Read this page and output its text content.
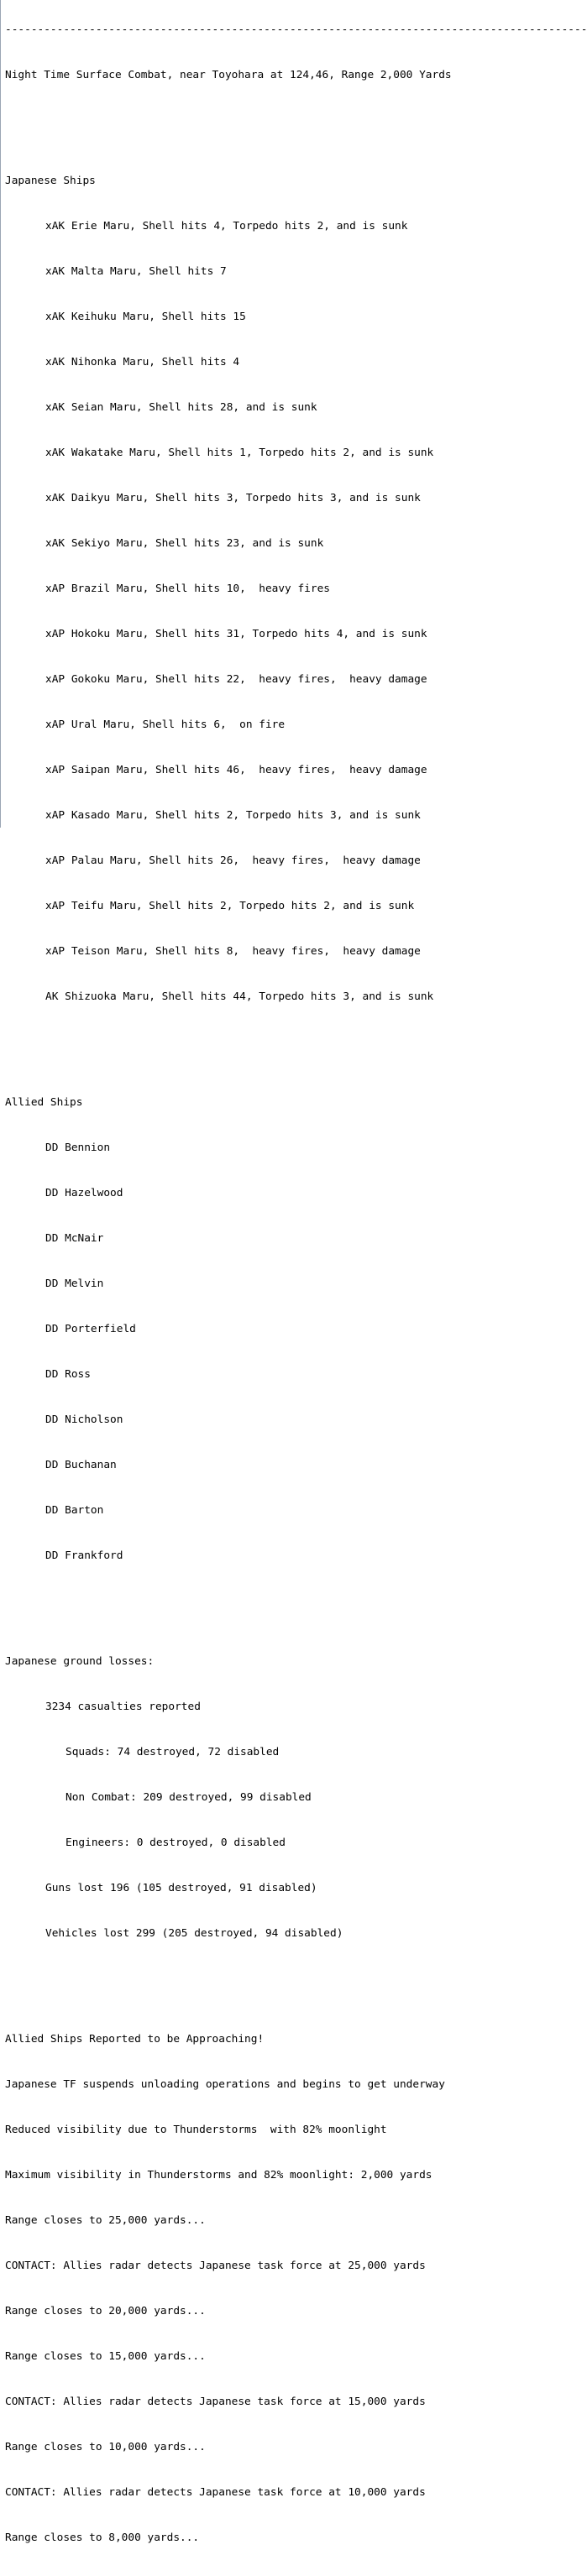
------------------------------------------------------------------------------------------

Night Time Surface Combat, near Toyohara at 124,46, Range 2,000 Yards

Japanese Ships

xAK Erie Maru, Shell hits 4, Torpedo hits 2, and is sunk

xAK Malta Maru, Shell hits 7

xAK Keihuku Maru, Shell hits 15

xAK Nihonka Maru, Shell hits 4

xAK Seian Maru, Shell hits 28, and is sunk

xAK Wakatake Maru, Shell hits 1, Torpedo hits 2, and is sunk

xAK Daikyu Maru, Shell hits 3, Torpedo hits 3, and is sunk

xAK Sekiyo Maru, Shell hits 23, and is sunk

xAP Brazil Maru, Shell hits 10,  heavy fires

xAP Hokoku Maru, Shell hits 31, Torpedo hits 4, and is sunk

xAP Gokoku Maru, Shell hits 22,  heavy fires,  heavy damage

xAP Ural Maru, Shell hits 6,  on fire

xAP Saipan Maru, Shell hits 46,  heavy fires,  heavy damage

xAP Kasado Maru, Shell hits 2, Torpedo hits 3, and is sunk

xAP Palau Maru, Shell hits 26,  heavy fires,  heavy damage

xAP Teifu Maru, Shell hits 2, Torpedo hits 2, and is sunk

xAP Teison Maru, Shell hits 8,  heavy fires,  heavy damage

AK Shizuoka Maru, Shell hits 44, Torpedo hits 3, and is sunk

Allied Ships

DD Bennion

DD Hazelwood

DD McNair

DD Melvin

DD Porterfield

DD Ross

DD Nicholson

DD Buchanan

DD Barton

DD Frankford

Japanese ground losses:

3234 casualties reported

Squads: 74 destroyed, 72 disabled

Non Combat: 209 destroyed, 99 disabled

Engineers: 0 destroyed, 0 disabled

Guns lost 196 (105 destroyed, 91 disabled)

Vehicles lost 299 (205 destroyed, 94 disabled)

Allied Ships Reported to be Approaching!

Japanese TF suspends unloading operations and begins to get underway

Reduced visibility due to Thunderstorms  with 82% moonlight

Maximum visibility in Thunderstorms and 82% moonlight: 2,000 yards

Range closes to 25,000 yards...

CONTACT: Allies radar detects Japanese task force at 25,000 yards

Range closes to 20,000 yards...

Range closes to 15,000 yards...

CONTACT: Allies radar detects Japanese task force at 15,000 yards

Range closes to 10,000 yards...

CONTACT: Allies radar detects Japanese task force at 10,000 yards

Range closes to 8,000 yards...
